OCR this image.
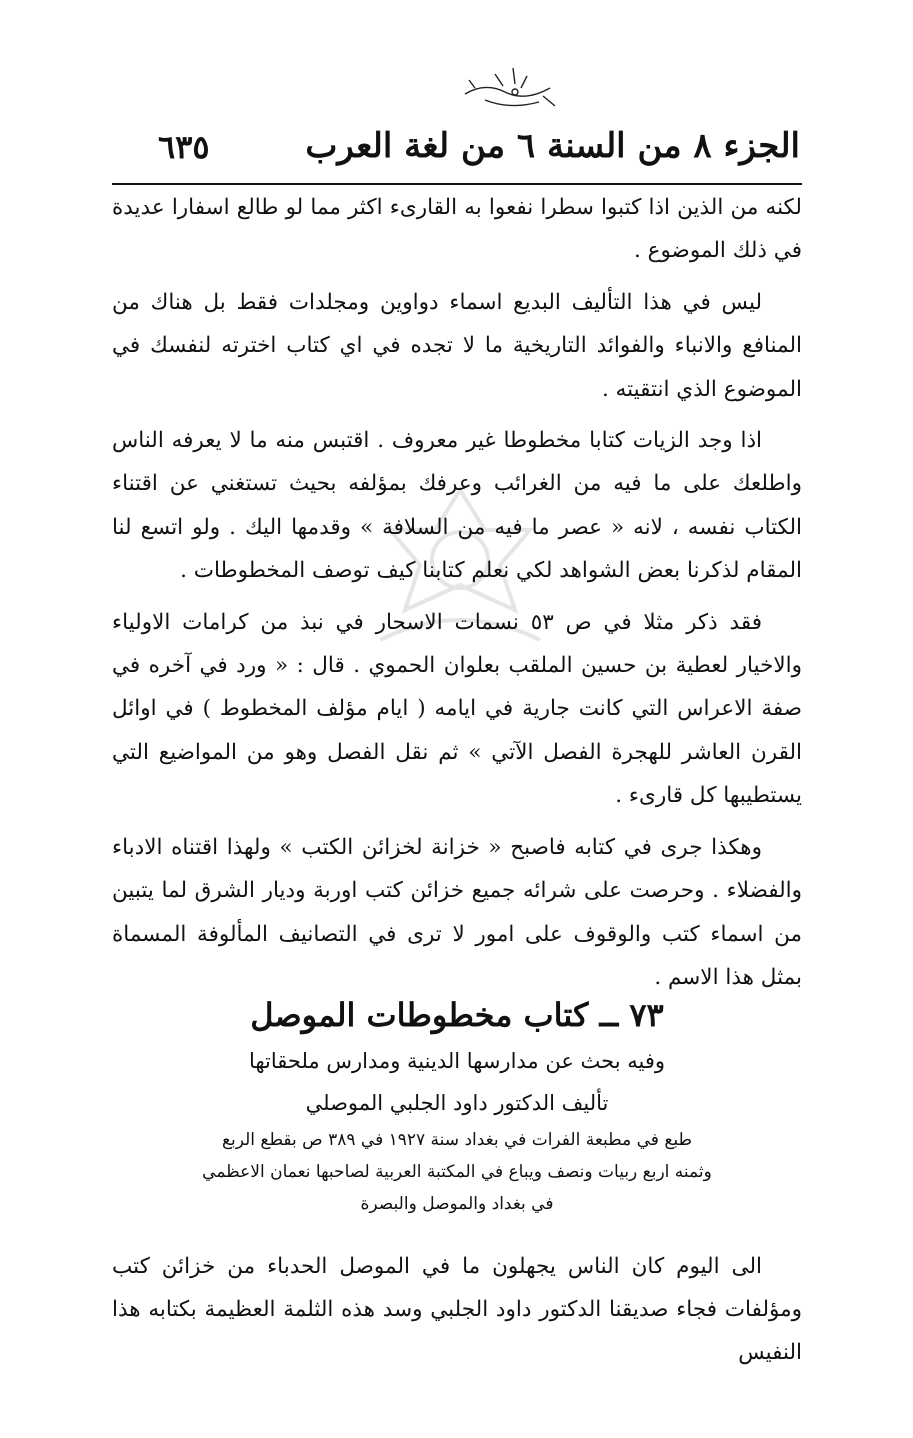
الجزء ٨ من السنة ٦ من لغة العرب
٦٣٥

لكنه من الذين اذا كتبوا سطرا نفعوا به القارىء اكثر مما لو طالع اسفارا عديدة في ذلك الموضوع .

ليس في هذا التأليف البديع اسماء دواوين ومجلدات فقط بل هناك من المنافع والانباء والفوائد التاريخية ما لا تجده في اي كتاب اخترته لنفسك في الموضوع الذي انتقيته .

اذا وجد الزيات كتابا مخطوطا غير معروف . اقتبس منه ما لا يعرفه الناس واطلعك على ما فيه من الغرائب وعرفك بمؤلفه بحيث تستغني عن اقتناء الكتاب نفسه ، لانه « عصر ما فيه من السلافة » وقدمها اليك . ولو اتسع لنا المقام لذكرنا بعض الشواهد لكي نعلم كتابنا كيف توصف المخطوطات .

فقد ذكر مثلا في ص ٥٣ نسمات الاسحار في نبذ من كرامات الاولياء والاخيار لعطية بن حسين الملقب بعلوان الحموي . قال : « ورد في آخره في صفة الاعراس التي كانت جارية في ايامه ( ايام مؤلف المخطوط ) في اوائل القرن العاشر للهجرة الفصل الآتي » ثم نقل الفصل وهو من المواضيع التي يستطيبها كل قارىء .

وهكذا جرى في كتابه فاصبح « خزانة لخزائن الكتب » ولهذا اقتناه الادباء والفضلاء . وحرصت على شرائه جميع خزائن كتب اوربة وديار الشرق لما يتبين من اسماء كتب والوقوف على امور لا ترى في التصانيف المألوفة المسماة بمثل هذا الاسم .

٧٣ ــ كتاب مخطوطات الموصل
وفيه بحث عن مدارسها الدينية ومدارس ملحقاتها
تأليف الدكتور داود الجلبي الموصلي
طبع في مطبعة الفرات في بغداد سنة ١٩٢٧ في ٣٨٩ ص بقطع الربع
وثمنه اربع ربيات ونصف ويباع في المكتبة العربية لصاحبها نعمان الاعظمي
في بغداد والموصل والبصرة

الى اليوم كان الناس يجهلون ما في الموصل الحدباء من خزائن كتب ومؤلفات فجاء صديقنا الدكتور داود الجلبي وسد هذه الثلمة العظيمة بكتابه هذا النفيس
